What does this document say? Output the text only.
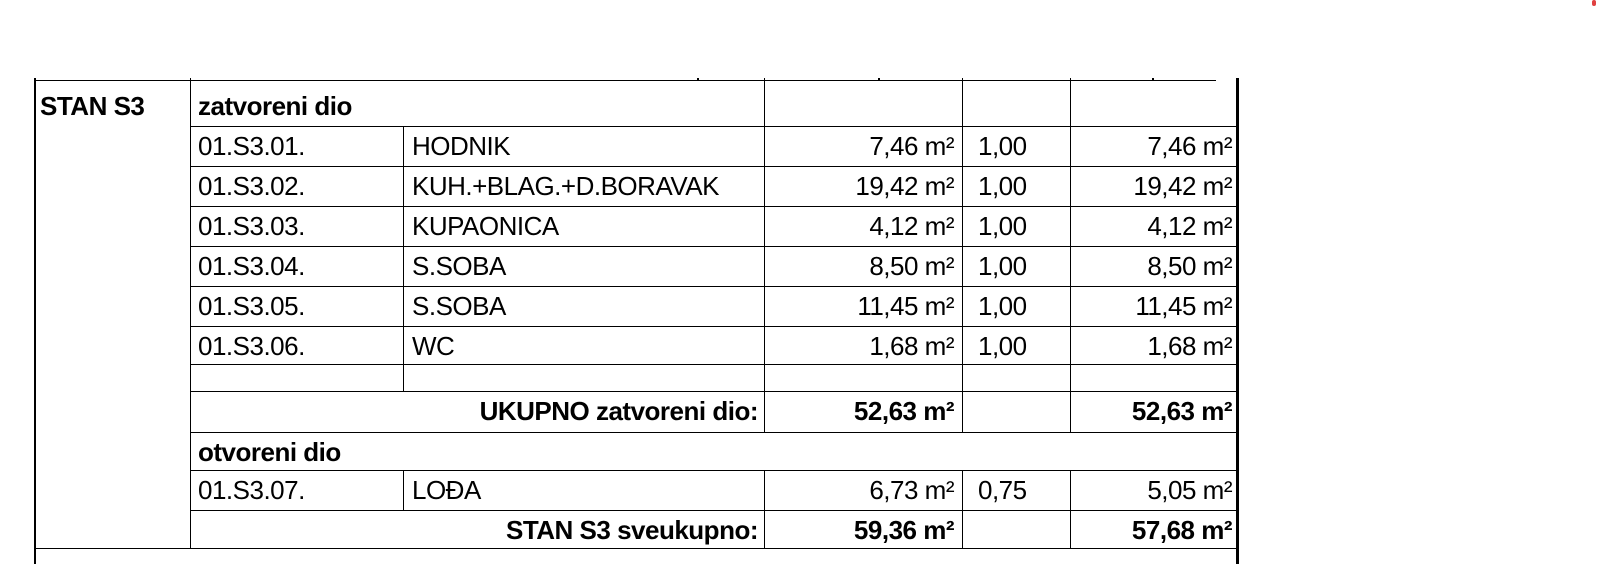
STAN S3 zatvoreni dio
01.S3.01.	HODNIK	7,46 m² 1,00	7,46 m²
01.S3.02.	KUH.+BLAG.+D.BORAVAK	19,42 m² 1,00	19,42 m²
01.S3.03.	KUPAONICA	4,12 m² 1,00	4,12 m²
01.S3.04.	S.SOBA	8,50 m² 1,00	8,50 m²
01.S3.05.	S.SOBA	11,45 m² 1,00	11,45 m²
01.S3.06.	WC	1,68 m² 1,00	1,68 m²
UKUPNO zatvoreni dio:	52,63 m²	52,63 m²
otvoreni dio
01.S3.07.	LOĐA	6,73 m² 0,75	5,05 m²
STAN S3 sveukupno:	59,36 m²	57,68 m²
